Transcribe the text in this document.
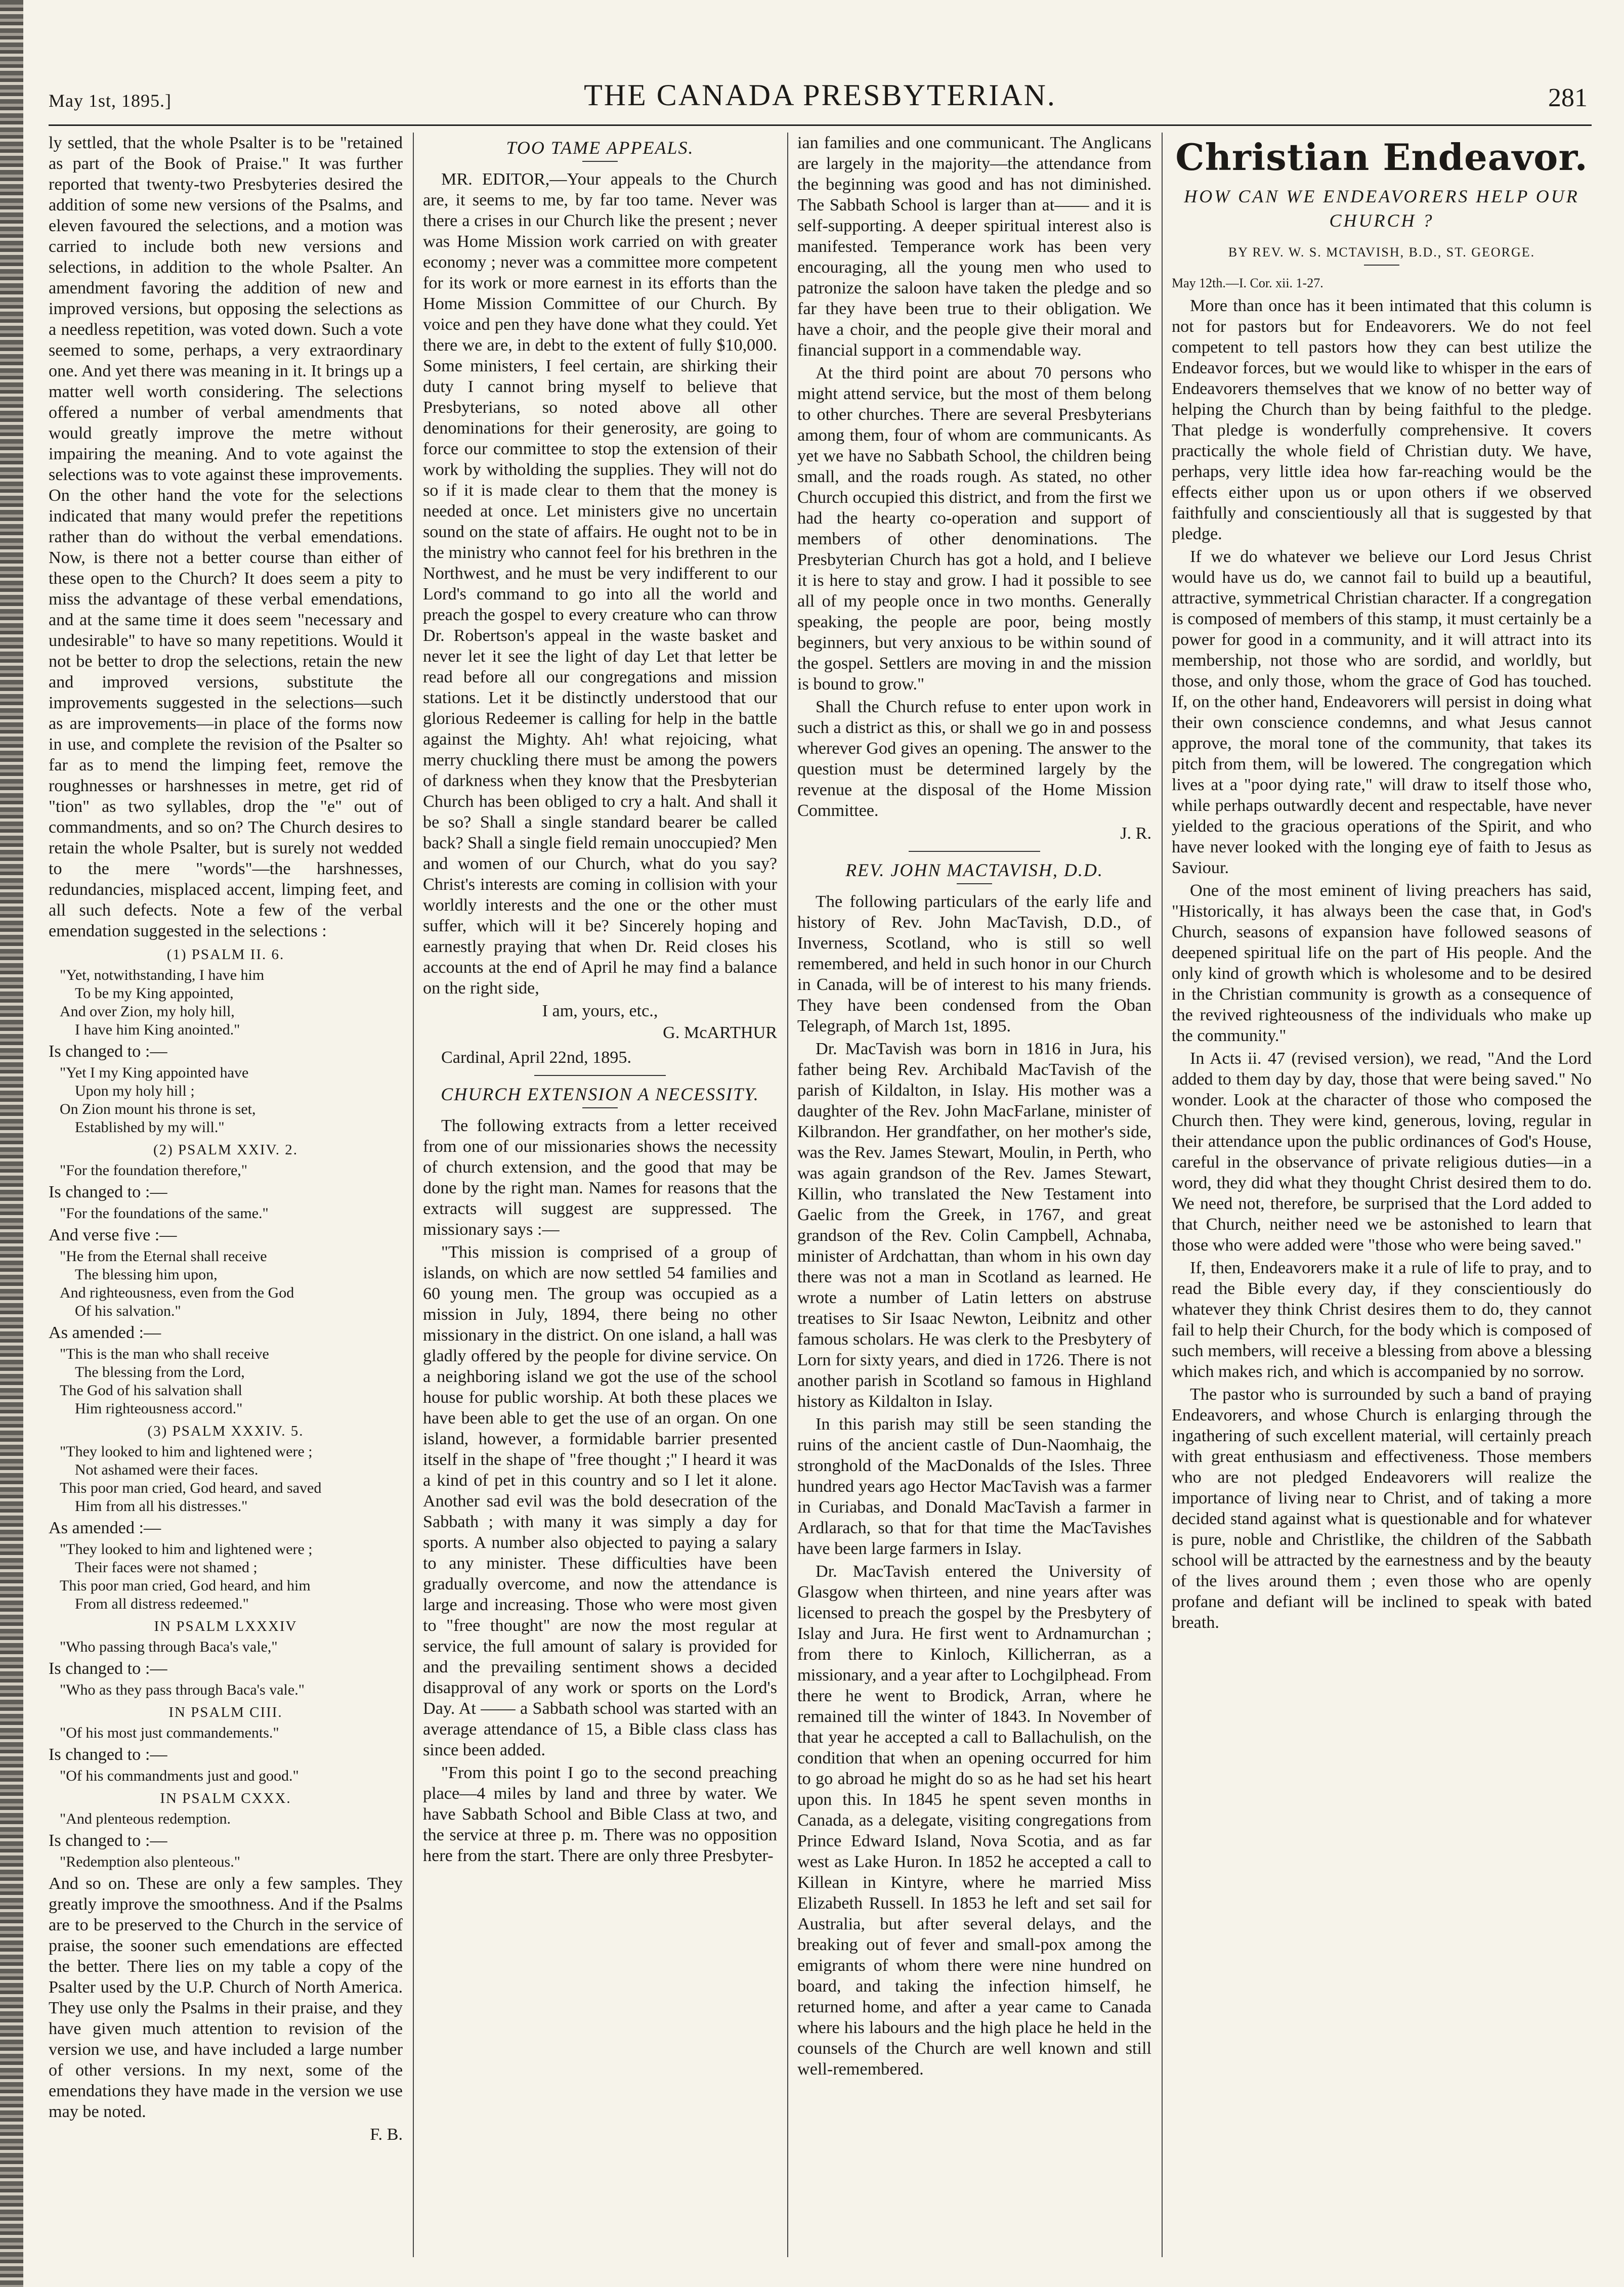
May 1st, 1895.]	THE CANADA PRESBYTERIAN.	281

ly settled, that the whole Psalter is to be "retained as part of the Book of Praise." It was further reported that twenty-two Presbyteries desired the addition of some new versions of the Psalms, and eleven favoured the selections, and a motion was carried to include both new versions and selections, in addition to the whole Psalter. An amendment favoring the addition of new and improved versions, but opposing the selections as a needless repetition, was voted down. Such a vote seemed to some, perhaps, a very extraordinary one. And yet there was meaning in it. It brings up a matter well worth considering. The selections offered a number of verbal amendments that would greatly improve the metre without impairing the meaning. And to vote against the selections was to vote against these improvements. On the other hand the vote for the selections indicated that many would prefer the repetitions rather than do without the verbal emendations. Now, is there not a better course than either of these open to the Church? It does seem a pity to miss the advantage of these verbal emendations, and at the same time it does seem "necessary and undesirable" to have so many repetitions. Would it not be better to drop the selections, retain the new and improved versions, substitute the improvements suggested in the selections—such as are improvements—in place of the forms now in use, and complete the revision of the Psalter so far as to mend the limping feet, remove the roughnesses or harshnesses in metre, get rid of "tion" as two syllables, drop the "e" out of commandments, and so on? The Church desires to retain the whole Psalter, but is surely not wedded to the mere "words"—the harshnesses, redundancies, misplaced accent, limping feet, and all such defects. Note a few of the verbal emendation suggested in the selections :

(1) PSALM II. 6.
"Yet, notwithstanding, I have him
To be my King appointed,
And over Zion, my holy hill,
I have him King anointed."

Is changed to :—

"Yet I my King appointed have
Upon my holy hill ;
On Zion mount his throne is set,
Established by my will."
(2) PSALM XXIV. 2.
"For the foundation therefore,"

Is changed to :—

"For the foundations of the same."

And verse five :—

"He from the Eternal shall receive
The blessing him upon,
And righteousness, even from the God
Of his salvation."

As amended :—

"This is the man who shall receive
The blessing from the Lord,
The God of his salvation shall
Him righteousness accord."
(3) PSALM XXXIV. 5.
"They looked to him and lightened were ;
Not ashamed were their faces.
This poor man cried, God heard, and saved
Him from all his distresses."

As amended :—

"They looked to him and lightened were ;
Their faces were not shamed ;
This poor man cried, God heard, and him
From all distress redeemed."
IN PSALM LXXXIV
"Who passing through Baca's vale,"

Is changed to :—

"Who as they pass through Baca's vale."
IN PSALM CIII.
"Of his most just commandements."

Is changed to :—

"Of his commandments just and good."
IN PSALM CXXX.
"And plenteous redemption.

Is changed to :—

"Redemption also plenteous."

And so on. These are only a few samples. They greatly improve the smoothness. And if the Psalms are to be preserved to the Church in the service of praise, the sooner such emendations are effected the better. There lies on my table a copy of the Psalter used by the U.P. Church of North America. They use only the Psalms in their praise, and they have given much attention to revision of the version we use, and have included a large number of other versions. In my next, some of the emendations they have made in the version we use may be noted.

F. B.
TOO TAME APPEALS.

MR. EDITOR,—Your appeals to the Church are, it seems to me, by far too tame. Never was there a crises in our Church like the present ; never was Home Mission work carried on with greater economy ; never was a committee more competent for its work or more earnest in its efforts than the Home Mission Committee of our Church. By voice and pen they have done what they could. Yet there we are, in debt to the extent of fully $10,000. Some ministers, I feel certain, are shirking their duty I cannot bring myself to believe that Presbyterians, so noted above all other denominations for their generosity, are going to force our committee to stop the extension of their work by witholding the supplies. They will not do so if it is made clear to them that the money is needed at once. Let ministers give no uncertain sound on the state of affairs. He ought not to be in the ministry who cannot feel for his brethren in the Northwest, and he must be very indifferent to our Lord's command to go into all the world and preach the gospel to every creature who can throw Dr. Robertson's appeal in the waste basket and never let it see the light of day Let that letter be read before all our congregations and mission stations. Let it be distinctly understood that our glorious Redeemer is calling for help in the battle against the Mighty. Ah! what rejoicing, what merry chuckling there must be among the powers of darkness when they know that the Presbyterian Church has been obliged to cry a halt. And shall it be so? Shall a single standard bearer be called back? Shall a single field remain unoccupied? Men and women of our Church, what do you say? Christ's interests are coming in collision with your worldly interests and the one or the other must suffer, which will it be? Sincerely hoping and earnestly praying that when Dr. Reid closes his accounts at the end of April he may find a balance on the right side,

I am, yours, etc.,
G. McARTHUR

Cardinal, April 22nd, 1895.

CHURCH EXTENSION A NECESSITY.

The following extracts from a letter received from one of our missionaries shows the necessity of church extension, and the good that may be done by the right man. Names for reasons that the extracts will suggest are suppressed. The missionary says :—

"This mission is comprised of a group of islands, on which are now settled 54 families and 60 young men. The group was occupied as a mission in July, 1894, there being no other missionary in the district. On one island, a hall was gladly offered by the people for divine service. On a neighboring island we got the use of the school house for public worship. At both these places we have been able to get the use of an organ. On one island, however, a formidable barrier presented itself in the shape of "free thought ;" I heard it was a kind of pet in this country and so I let it alone. Another sad evil was the bold desecration of the Sabbath ; with many it was simply a day for sports. A number also objected to paying a salary to any minister. These difficulties have been gradually overcome, and now the attendance is large and increasing. Those who were most given to "free thought" are now the most regular at service, the full amount of salary is provided for and the prevailing sentiment shows a decided disapproval of any work or sports on the Lord's Day. At —— a Sabbath school was started with an average attendance of 15, a Bible class class has since been added.

"From this point I go to the second preaching place—4 miles by land and three by water. We have Sabbath School and Bible Class at two, and the service at three p. m. There was no opposition here from the start. There are only three Presbyter-

ian families and one communicant. The Anglicans are largely in the majority—the attendance from the beginning was good and has not diminished. The Sabbath School is larger than at—— and it is self-supporting. A deeper spiritual interest also is manifested. Temperance work has been very encouraging, all the young men who used to patronize the saloon have taken the pledge and so far they have been true to their obligation. We have a choir, and the people give their moral and financial support in a commendable way.

At the third point are about 70 persons who might attend service, but the most of them belong to other churches. There are several Presbyterians among them, four of whom are communicants. As yet we have no Sabbath School, the children being small, and the roads rough. As stated, no other Church occupied this district, and from the first we had the hearty co-operation and support of members of other denominations. The Presbyterian Church has got a hold, and I believe it is here to stay and grow. I had it possible to see all of my people once in two months. Generally speaking, the people are poor, being mostly beginners, but very anxious to be within sound of the gospel. Settlers are moving in and the mission is bound to grow."

Shall the Church refuse to enter upon work in such a district as this, or shall we go in and possess wherever God gives an opening. The answer to the question must be determined largely by the revenue at the disposal of the Home Mission Committee.

J. R.
REV. JOHN MACTAVISH, D.D.

The following particulars of the early life and history of Rev. John MacTavish, D.D., of Inverness, Scotland, who is still so well remembered, and held in such honor in our Church in Canada, will be of interest to his many friends. They have been condensed from the Oban Telegraph, of March 1st, 1895.

Dr. MacTavish was born in 1816 in Jura, his father being Rev. Archibald MacTavish of the parish of Kildalton, in Islay. His mother was a daughter of the Rev. John MacFarlane, minister of Kilbrandon. Her grandfather, on her mother's side, was the Rev. James Stewart, Moulin, in Perth, who was again grandson of the Rev. James Stewart, Killin, who translated the New Testament into Gaelic from the Greek, in 1767, and great grandson of the Rev. Colin Campbell, Achnaba, minister of Ardchattan, than whom in his own day there was not a man in Scotland as learned. He wrote a number of Latin letters on abstruse treatises to Sir Isaac Newton, Leibnitz and other famous scholars. He was clerk to the Presbytery of Lorn for sixty years, and died in 1726. There is not another parish in Scotland so famous in Highland history as Kildalton in Islay.

In this parish may still be seen standing the ruins of the ancient castle of Dun-Naomhaig, the stronghold of the MacDonalds of the Isles. Three hundred years ago Hector MacTavish was a farmer in Curiabas, and Donald MacTavish a farmer in Ardlarach, so that for that time the MacTavishes have been large farmers in Islay.

Dr. MacTavish entered the University of Glasgow when thirteen, and nine years after was licensed to preach the gospel by the Presbytery of Islay and Jura. He first went to Ardnamurchan ; from there to Kinloch, Killicherran, as a missionary, and a year after to Lochgilphead. From there he went to Brodick, Arran, where he remained till the winter of 1843. In November of that year he accepted a call to Ballachulish, on the condition that when an opening occurred for him to go abroad he might do so as he had set his heart upon this. In 1845 he spent seven months in Canada, as a delegate, visiting congregations from Prince Edward Island, Nova Scotia, and as far west as Lake Huron. In 1852 he accepted a call to Killean in Kintyre, where he married Miss Elizabeth Russell. In 1853 he left and set sail for Australia, but after several delays, and the breaking out of fever and small-pox among the emigrants of whom there were nine hundred on board, and taking the infection himself, he returned home, and after a year came to Canada where his labours and the high place he held in the counsels of the Church are well known and still well-remembered.

Christian Endeavor.
HOW CAN WE ENDEAVORERS HELP OUR CHURCH ?
BY REV. W. S. MCTAVISH, B.D., ST. GEORGE.
May 12th.—I. Cor. xii. 1-27.

More than once has it been intimated that this column is not for pastors but for Endeavorers. We do not feel competent to tell pastors how they can best utilize the Endeavor forces, but we would like to whisper in the ears of Endeavorers themselves that we know of no better way of helping the Church than by being faithful to the pledge. That pledge is wonderfully comprehensive. It covers practically the whole field of Christian duty. We have, perhaps, very little idea how far-reaching would be the effects either upon us or upon others if we observed faithfully and conscientiously all that is suggested by that pledge.

If we do whatever we believe our Lord Jesus Christ would have us do, we cannot fail to build up a beautiful, attractive, symmetrical Christian character. If a congregation is composed of members of this stamp, it must certainly be a power for good in a community, and it will attract into its membership, not those who are sordid, and worldly, but those, and only those, whom the grace of God has touched. If, on the other hand, Endeavorers will persist in doing what their own conscience condemns, and what Jesus cannot approve, the moral tone of the community, that takes its pitch from them, will be lowered. The congregation which lives at a "poor dying rate," will draw to itself those who, while perhaps outwardly decent and respectable, have never yielded to the gracious operations of the Spirit, and who have never looked with the longing eye of faith to Jesus as Saviour.

One of the most eminent of living preachers has said, "Historically, it has always been the case that, in God's Church, seasons of expansion have followed seasons of deepened spiritual life on the part of His people. And the only kind of growth which is wholesome and to be desired in the Christian community is growth as a consequence of the revived righteousness of the individuals who make up the community."

In Acts ii. 47 (revised version), we read, "And the Lord added to them day by day, those that were being saved." No wonder. Look at the character of those who composed the Church then. They were kind, generous, loving, regular in their attendance upon the public ordinances of God's House, careful in the observance of private religious duties—in a word, they did what they thought Christ desired them to do. We need not, therefore, be surprised that the Lord added to that Church, neither need we be astonished to learn that those who were added were "those who were being saved."

If, then, Endeavorers make it a rule of life to pray, and to read the Bible every day, if they conscientiously do whatever they think Christ desires them to do, they cannot fail to help their Church, for the body which is composed of such members, will receive a blessing from above a blessing which makes rich, and which is accompanied by no sorrow.

The pastor who is surrounded by such a band of praying Endeavorers, and whose Church is enlarging through the ingathering of such excellent material, will certainly preach with great enthusiasm and effectiveness. Those members who are not pledged Endeavorers will realize the importance of living near to Christ, and of taking a more decided stand against what is questionable and for whatever is pure, noble and Christlike, the children of the Sabbath school will be attracted by the earnestness and by the beauty of the lives around them ; even those who are openly profane and defiant will be inclined to speak with bated breath.
